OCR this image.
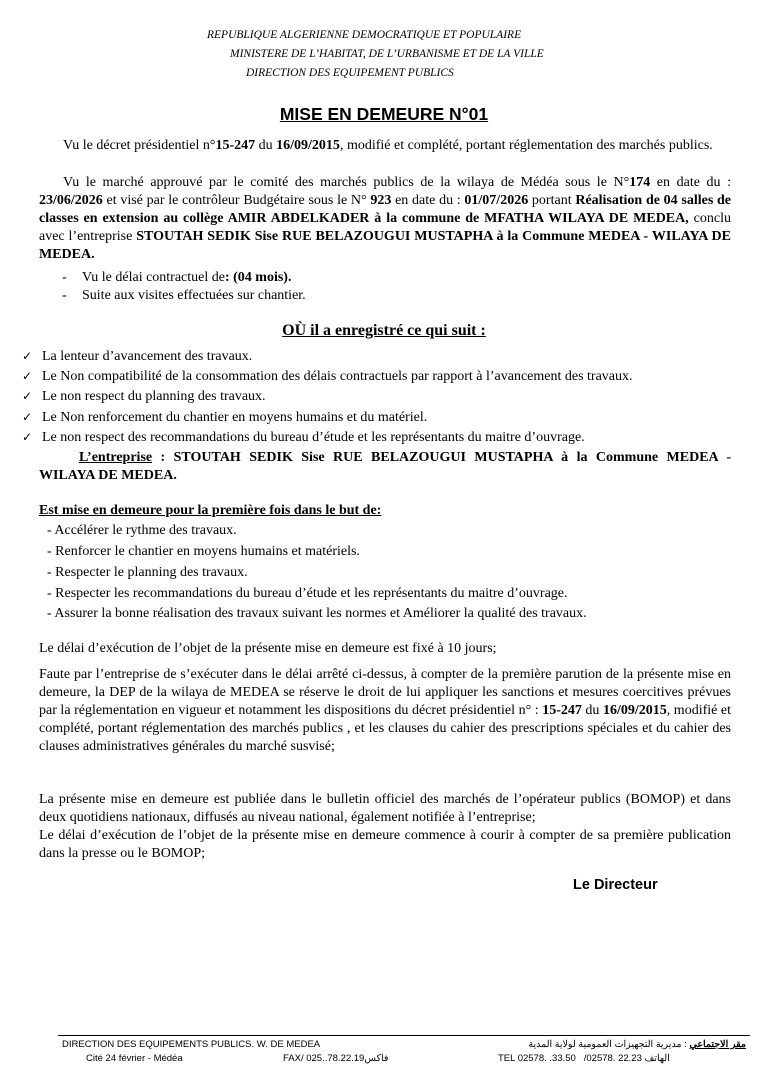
REPUBLIQUE ALGERIENNE DEMOCRATIQUE ET POPULAIRE
MINISTERE DE L’HABITAT, DE L’URBANISME ET DE LA VILLE
DIRECTION DES EQUIPEMENT PUBLICS
MISE EN DEMEURE N°01
Vu le décret présidentiel n°15-247 du 16/09/2015, modifié et complété, portant réglementation des marchés publics.
Vu le marché approuvé par le comité des marchés publics de la wilaya de Médéa sous le N°174 en date du : 23/06/2026 et visé par le contrôleur Budgétaire sous le N° 923 en date du : 01/07/2026 portant Réalisation de 04 salles de classes en extension au collège AMIR ABDELKADER à la commune de MFATHA WILAYA DE MEDEA, conclu avec l’entreprise STOUTAH SEDIK Sise RUE BELAZOUGUI MUSTAPHA à la Commune MEDEA - WILAYA DE MEDEA.
- Vu le délai contractuel de: (04 mois).
- Suite aux visites effectuées sur chantier.
OÙ il a enregistré ce qui suit :
✓ La lenteur d’avancement des travaux.
✓ Le Non compatibilité de la consommation des délais contractuels par rapport à l’avancement des travaux.
✓ Le non respect du planning des travaux.
✓ Le Non renforcement du chantier en moyens humains et du matériel.
✓ Le non respect des recommandations du bureau d’étude et les représentants du maitre d’ouvrage.
L’entreprise : STOUTAH SEDIK Sise RUE BELAZOUGUI MUSTAPHA à la Commune MEDEA - WILAYA DE MEDEA.
Est mise en demeure pour la première fois dans le but de:
- Accélérer le rythme des travaux.
- Renforcer le chantier en moyens humains et matériels.
- Respecter le planning des travaux.
- Respecter les recommandations du bureau d’étude et les représentants du maitre d’ouvrage.
- Assurer la bonne réalisation des travaux suivant les normes et Améliorer la qualité des travaux.
Le délai d’exécution de l’objet de la présente mise en demeure est fixé à 10 jours;
Faute par l’entreprise de s’exécuter dans le délai arrêté ci-dessus, à compter de la première parution de la présente mise en demeure, la DEP de la wilaya de MEDEA se réserve le droit de lui appliquer les sanctions et mesures coercitives prévues par la réglementation en vigueur et notamment les dispositions du décret présidentiel n° : 15-247 du 16/09/2015, modifié et complété, portant réglementation des marchés publics , et les clauses du cahier des prescriptions spéciales et du cahier des clauses administratives générales du marché susvisé;
La présente mise en demeure est publiée dans le bulletin officiel des marchés de l’opérateur publics (BOMOP) et dans deux quotidiens nationaux, diffusés au niveau national, également notifiée à l’entreprise;
Le délai d’exécution de l’objet de la présente mise en demeure commence à courir à compter de sa première publication dans la presse ou le BOMOP;
Le Directeur
DIRECTION DES EQUIPEMENTS PUBLICS. W. DE MEDEA
Cité 24 février - Médéa	FAX/ 025..78.22.19فاكس
مقر الاجتماعي : مديرية التجهيزات العمومية لولاية المدية
TEL 02578. .33.50 /02578. 22.23 الهاتف
